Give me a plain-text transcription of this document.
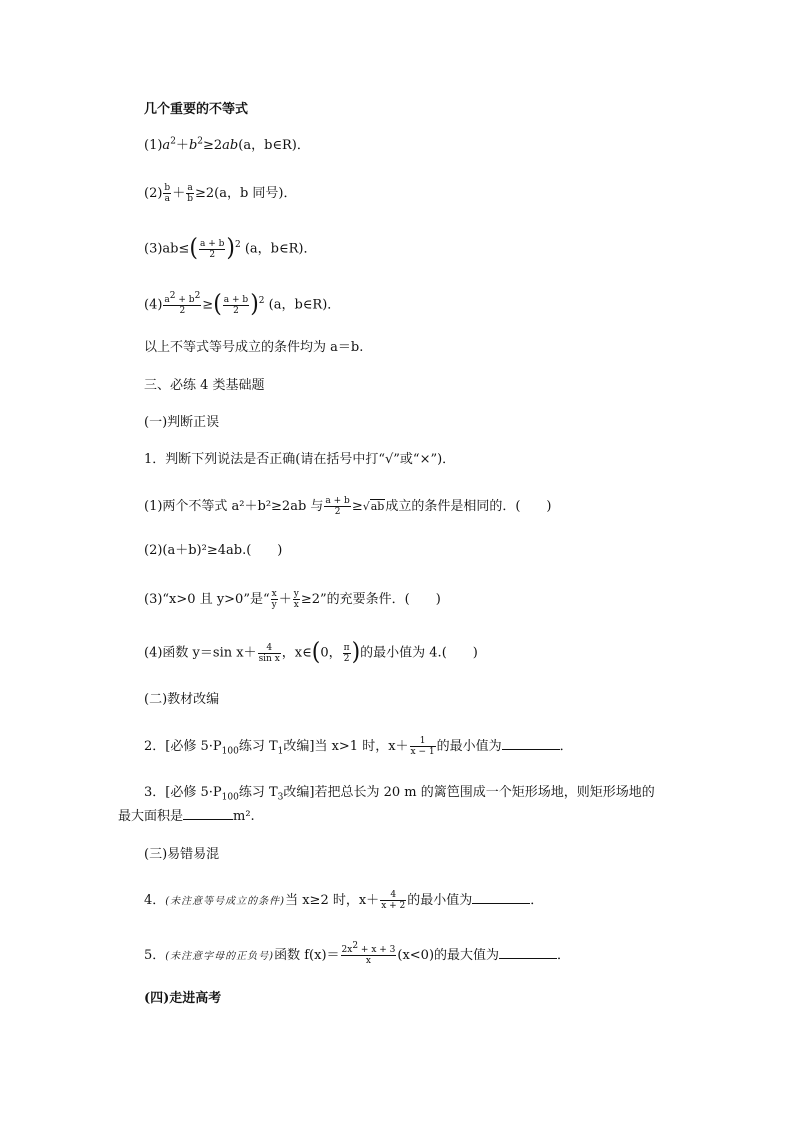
几个重要的不等式
$(1)a^2+b^2\ge 2ab(a$，b∈R)．
$(2) \frac{b}{a} + \frac{a}{b} \ge 2(a$，b 同号)．
$(3)ab\le( \frac{a + b}{2} )^2$ (a，b∈R)．
$(4) \frac{a^2 + b^2}{2}$ ≥( $\frac{a + b}{2} )^2$ (a，b∈R)．
以上不等式等号成立的条件均为 a＝b.
三、必练 4 类基础题
(一)判断正误
1．判断下列说法是否正确(请在括号中打“√”或“×”)．
(1)两个不等式 a²＋b²≥2ab 与 $\frac{a + b}{2} \ge√ab$成立的条件是相同的．(　　)
(2)(a＋b)²≥4ab.(　　)
(3)“x>0 且 y>0”是“ $\frac{x}{y} + \frac{y}{x} \ge 2$”的充要条件．(　　)
(4)函数 y＝sin $x+ \frac{4}{\text{sin x}}$ ，x∈(0， $\frac{\pi}{2}$ )的最小值为 4.(　　)
(二)教材改编
2．[必修 $5\cdot P_{100}$练习 $T_1$改编]当 x>1 时，$x+ \frac{1}{x - 1}$ 的最小值为	．
3．[必修 $5\cdot P_{100}$练习 $T_3$改编]若把总长为 20 m 的篱笆围成一个矩形场地，则矩形场地的
最大面积是	m².
(三)易错易混
4．(未注意等号成立的条件)当 x≥2 时，$x+ \frac{4}{x + 2}$ 的最小值为	．
5．(未注意字母的正负号)函数 $f(x)= \frac{2x^2 + x + 3}{x} (x<0)$的最大值为	．
(四)走进高考
